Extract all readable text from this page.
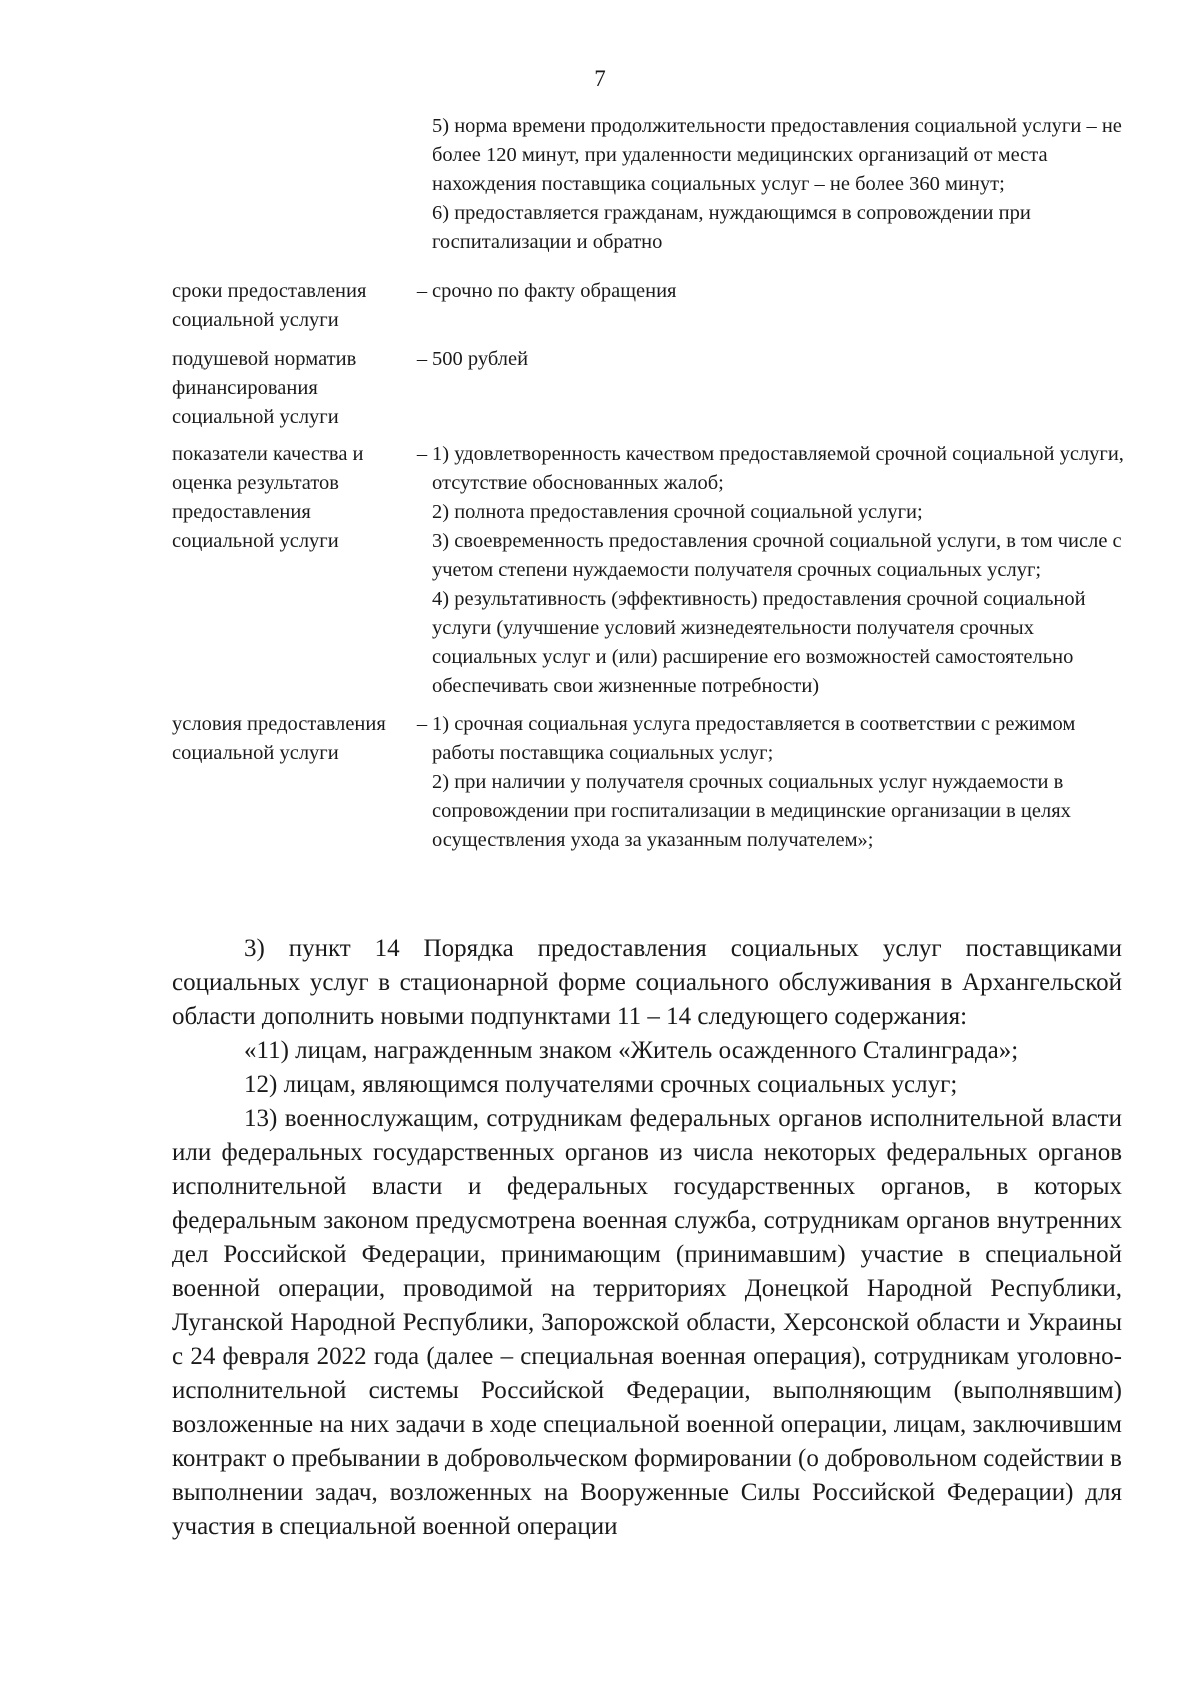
7

5) норма времени продолжительности предоставления социальной услуги – не более 120 минут, при удаленности медицинских организаций от места нахождения поставщика социальных услуг – не более 360 минут;

6) предоставляется гражданам, нуждающимся в сопровождении при госпитализации и обратно

сроки предоставления социальной услуги
– срочно по факту обращения

подушевой норматив финансирования социальной услуги
– 500 рублей

показатели качества и оценка результатов предоставления социальной услуги
– 1) удовлетворенность качеством предоставляемой срочной социальной услуги, отсутствие обоснованных жалоб;

2) полнота предоставления срочной социальной услуги;

3) своевременность предоставления срочной социальной услуги, в том числе с учетом степени нуждаемости получателя срочных социальных услуг;

4) результативность (эффективность) предоставления срочной социальной услуги (улучшение условий жизнедеятельности получателя срочных социальных услуг и (или) расширение его возможностей самостоятельно обеспечивать свои жизненные потребности)

условия предоставления социальной услуги
– 1) срочная социальная услуга предоставляется в соответствии с режимом работы поставщика социальных услуг;

2) при наличии у получателя срочных социальных услуг нуждаемости в сопровождении при госпитализации в медицинские организации в целях осуществления ухода за указанным получателем»;

3) пункт 14 Порядка предоставления социальных услуг поставщиками социальных услуг в стационарной форме социального обслуживания в Архангельской области дополнить новыми подпунктами 11 – 14 следующего содержания:

«11) лицам, награжденным знаком «Житель осажденного Сталинграда»;

12) лицам, являющимся получателями срочных социальных услуг;

13) военнослужащим, сотрудникам федеральных органов исполнительной власти или федеральных государственных органов из числа некоторых федеральных органов исполнительной власти и федеральных государственных органов, в которых федеральным законом предусмотрена военная служба, сотрудникам органов внутренних дел Российской Федерации, принимающим (принимавшим) участие в специальной военной операции, проводимой на территориях Донецкой Народной Республики, Луганской Народной Республики, Запорожской области, Херсонской области и Украины с 24 февраля 2022 года (далее – специальная военная операция), сотрудникам уголовно-исполнительной системы Российской Федерации, выполняющим (выполнявшим) возложенные на них задачи в ходе специальной военной операции, лицам, заключившим контракт о пребывании в добровольческом формировании (о добровольном содействии в выполнении задач, возложенных на Вооруженные Силы Российской Федерации) для участия в специальной военной операции
